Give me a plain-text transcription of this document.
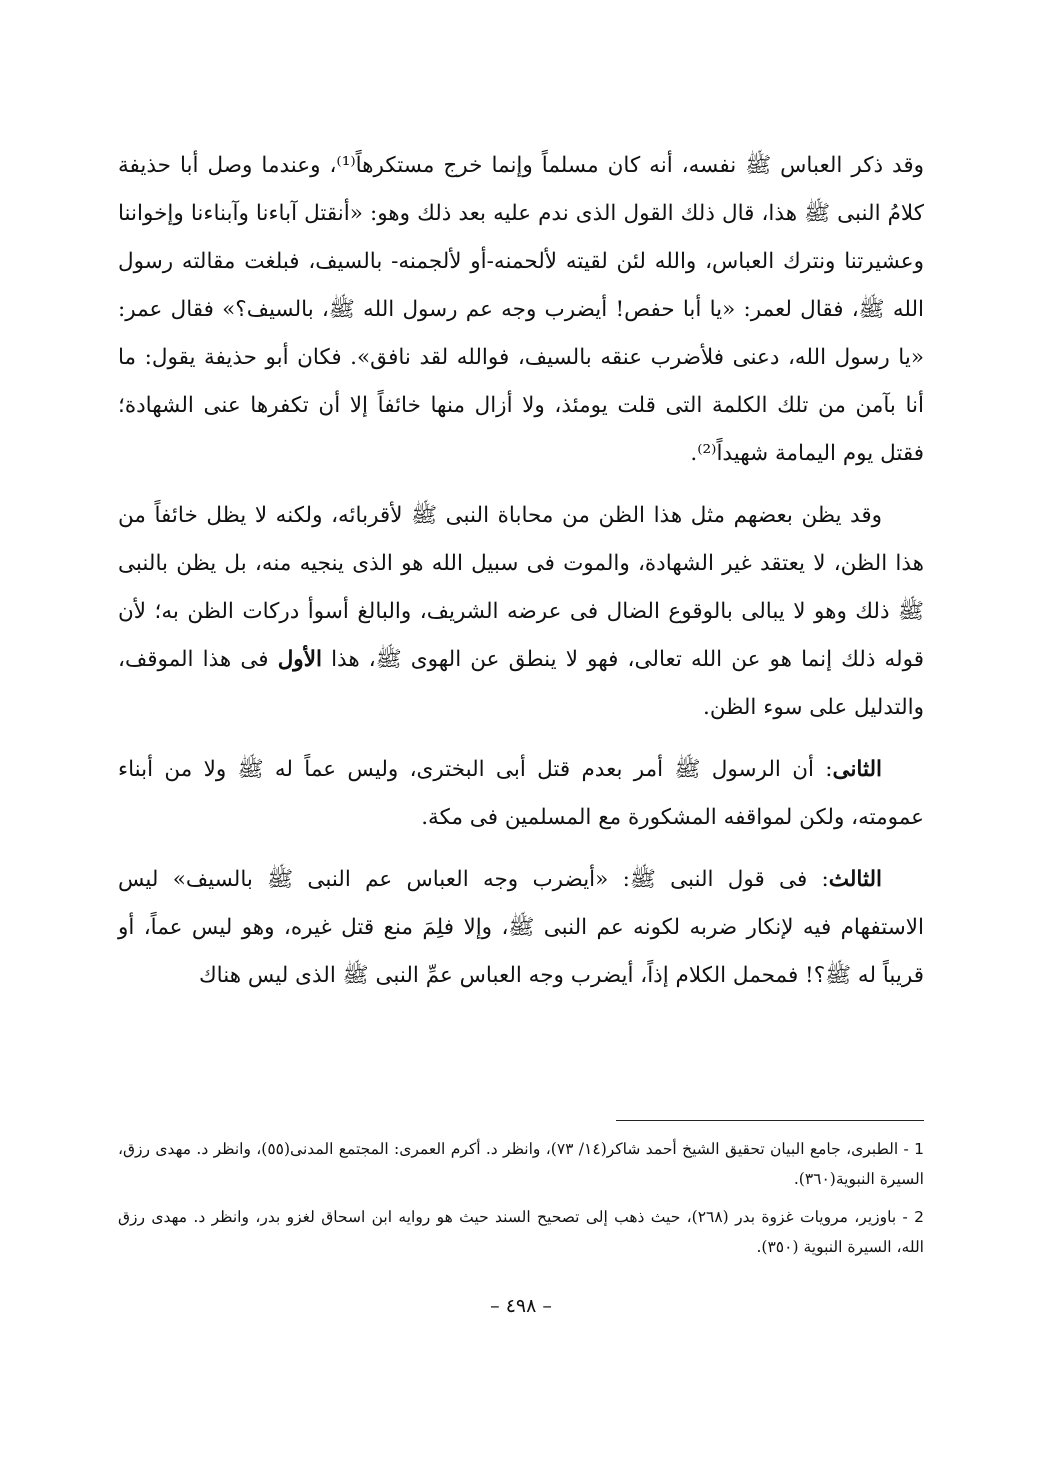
وقد ذكر العباس ﷺ نفسه، أنه كان مسلماً وإنما خرج مستكرهاً⁽¹⁾، وعندما وصل أبا حذيفة كلامُ النبى ﷺ هذا، قال ذلك القول الذى ندم عليه بعد ذلك وهو: «أنقتل آباءنا وآبناءنا وإخواننا وعشيرتنا ونترك العباس، والله لئن لقيته لألحمنه-أو لألجمنه- بالسيف، فبلغت مقالته رسول الله ﷺ، فقال لعمر: «يا أبا حفص! أيضرب وجه عم رسول الله ﷺ، بالسيف؟» فقال عمر: «يا رسول الله، دعنى فلأضرب عنقه بالسيف، فوالله لقد نافق». فكان أبو حذيفة يقول: ما أنا بآمن من تلك الكلمة التى قلت يومئذ، ولا أزال منها خائفاً إلا أن تكفرها عنى الشهادة؛ فقتل يوم اليمامة شهيداً⁽²⁾.

وقد يظن بعضهم مثل هذا الظن من محاباة النبى ﷺ لأقربائه، ولكنه لا يظل خائفاً من هذا الظن، لا يعتقد غير الشهادة، والموت فى سبيل الله هو الذى ينجيه منه، بل يظن بالنبى ﷺ ذلك وهو لا يبالى بالوقوع الضال فى عرضه الشريف، والبالغ أسوأ دركات الظن به؛ لأن قوله ذلك إنما هو عن الله تعالى، فهو لا ينطق عن الهوى ﷺ، هذا الأول فى هذا الموقف، والتدليل على سوء الظن.

الثانى: أن الرسول ﷺ أمر بعدم قتل أبى البخترى، وليس عماً له ﷺ ولا من أبناء عمومته، ولكن لمواقفه المشكورة مع المسلمين فى مكة.

الثالث: فى قول النبى ﷺ: «أيضرب وجه العباس عم النبى ﷺ بالسيف» ليس الاستفهام فيه لإنكار ضربه لكونه عم النبى ﷺ، وإلا فلِمَ منع قتل غيره، وهو ليس عماً، أو قريباً له ﷺ؟! فمحمل الكلام إذاً، أيضرب وجه العباس عمِّ النبى ﷺ الذى ليس هناك

1 - الطبرى، جامع البيان تحقيق الشيخ أحمد شاكر(١٤/ ٧٣)، وانظر د. أكرم العمرى: المجتمع المدنى(٥٥)، وانظر د. مهدى رزق، السيرة النبوية(٣٦٠).

2 - باوزير، مرويات غزوة بدر (٢٦٨)، حيث ذهب إلى تصحيح السند حيث هو روايه ابن اسحاق لغزو بدر، وانظر د. مهدى رزق الله، السيرة النبوية (٣٥٠).

– ٤٩٨ –
